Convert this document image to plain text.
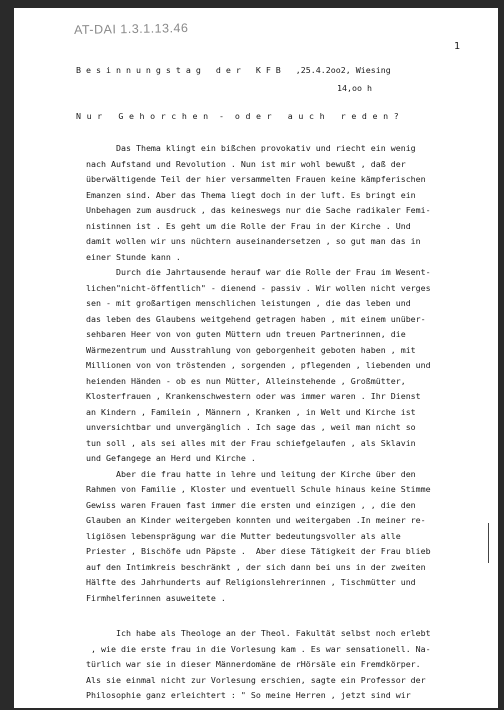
AT-DAI 1.3.1.13.46
1
B e s i n n u n g s t a g   d e r   K F B   ,25.4.2oo2, Wiesing
14,oo h
N u r   G e h o r c h e n  -  o d e r   a u c h   r e d e n ?
Das Thema klingt ein bißchen provokativ und riecht ein wenig
nach Aufstand und Revolution . Nun ist mir wohl bewußt , daß der
überwältigende Teil der hier versammelten Frauen keine kämpferischen
Emanzen sind. Aber das Thema liegt doch in der luft. Es bringt ein
Unbehagen zum ausdruck , das keineswegs nur die Sache radikaler Femi-
nistinnen ist . Es geht um die Rolle der Frau in der Kirche . Und
damit wollen wir uns nüchtern auseinandersetzen , so gut man das in
einer Stunde kann .
Durch die Jahrtausende herauf war die Rolle der Frau im Wesent-
lichen"nicht-öffentlich" - dienend - passiv . Wir wollen nicht verges
sen - mit großartigen menschlichen leistungen , die das leben und
das leben des Glaubens weitgehend getragen haben , mit einem unüber-
sehbaren Heer von von guten Müttern udn treuen Partnerinnen, die
Wärmezentrum und Ausstrahlung von geborgenheit geboten haben , mit
Millionen von von tröstenden , sorgenden , pflegenden , liebenden und
heienden Händen - ob es nun Mütter, Alleinstehende , Großmütter,
Klosterfrauen , Krankenschwestern oder was immer waren . Ihr Dienst
an Kindern , Familein , Männern , Kranken , in Welt und Kirche ist
unversichtbar und unvergänglich . Ich sage das , weil man nicht so
tun soll , als sei alles mit der Frau schiefgelaufen , als Sklavin
und Gefangege an Herd und Kirche .
Aber die frau hatte in lehre und leitung der Kirche über den
Rahmen von Familie , Kloster und eventuell Schule hinaus keine Stimme
Gewiss waren Frauen fast immer die ersten und einzigen , , die den
Glauben an Kinder weitergeben konnten und weitergaben .In meiner re-
ligiösen lebensprägung war die Mutter bedeutungsvoller als alle
Priester , Bischöfe udn Päpste .  Aber diese Tätigkeit der Frau blieb
auf den Intimkreis beschränkt , der sich dann bei uns in der zweiten
Hälfte des Jahrhunderts auf Religionslehrerinnen , Tischmütter und
Firmhelferinnen asuweitete .
Ich habe als Theologe an der Theol. Fakultät selbst noch erlebt
, wie die erste frau in die Vorlesung kam . Es war sensationell. Na-
türlich war sie in dieser Männerdomäne de rHörsäle ein Fremdkörper.
Als sie einmal nicht zur Vorlesung erschien, sagte ein Professor der
Philosophie ganz erleichtert : " So meine Herren , jetzt sind wir
